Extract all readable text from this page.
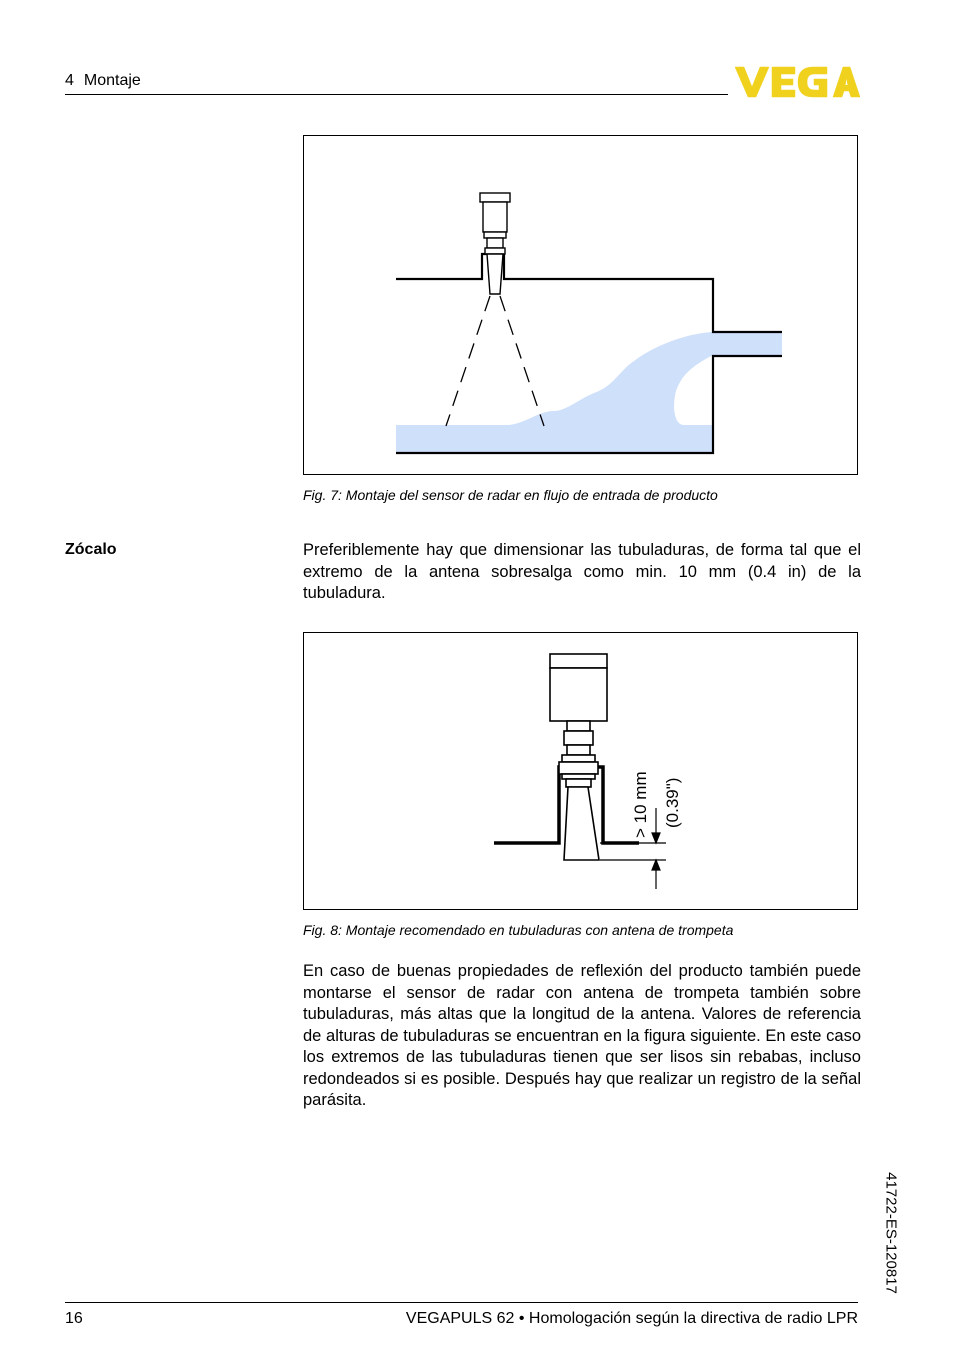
4 Montaje
Fig. 7: Montaje del sensor de radar en flujo de entrada de producto
Zócalo	Preferiblemente hay que dimensionar las tubuladuras, de forma tal que el extremo de la antena sobresalga como min. 10 mm (0.4 in) de la tubuladura.

> 10 mm (0.39")
Fig. 8: Montaje recomendado en tubuladuras con antena de trompeta

En caso de buenas propiedades de reflexión del producto también puede montarse el sensor de radar con antena de trompeta también sobre tubuladuras, más altas que la longitud de la antena. Valores de referencia de alturas de tubuladuras se encuentran en la figura siguiente. En este caso los extremos de las tubuladuras tienen que ser lisos sin rebabas, incluso redondeados si es posible. Después hay que realizar un registro de la señal parásita.

41722-ES-120817
16	VEGAPULS 62 • Homologación según la directiva de radio LPR
